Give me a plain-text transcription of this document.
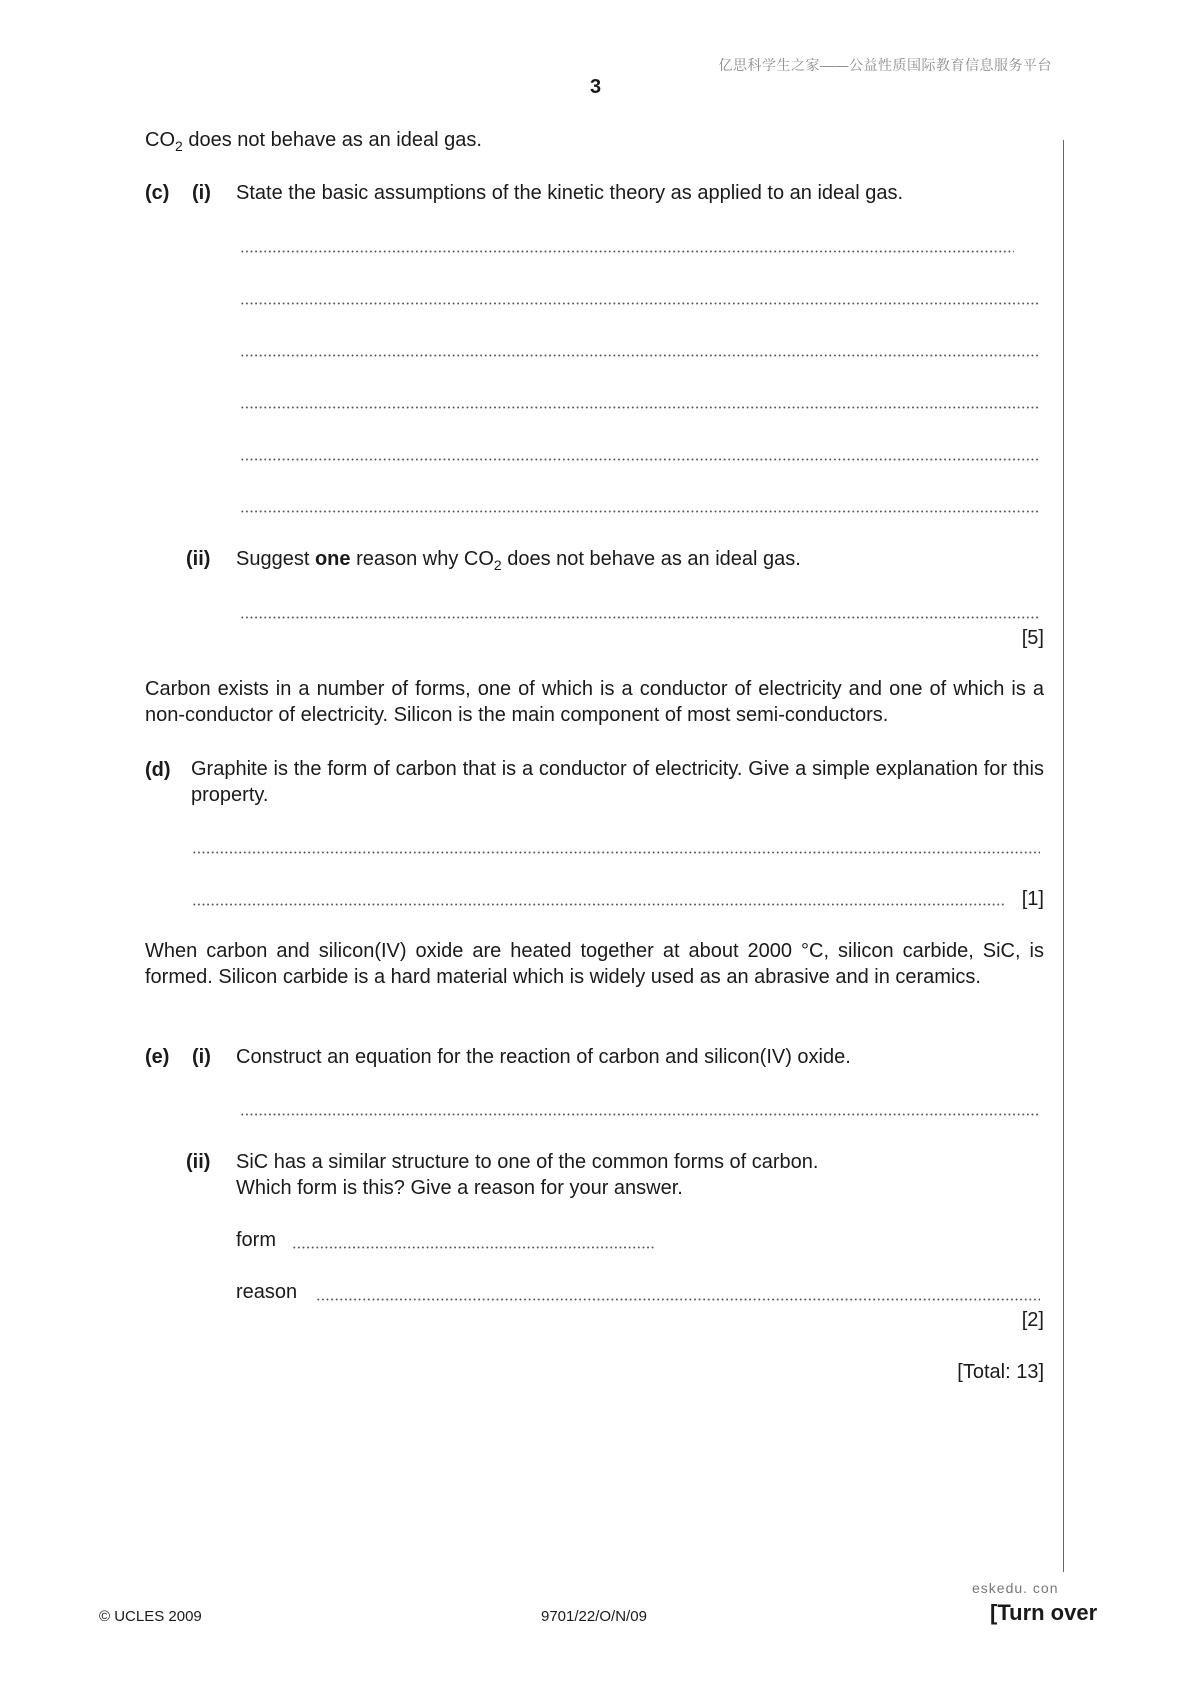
亿思科学生之家——公益性质国际教育信息服务平台
3
$CO_2$ does not behave as an ideal gas.
(c) (i) State the basic assumptions of the kinetic theory as applied to an ideal gas.
(ii) Suggest one reason why $CO_2$ does not behave as an ideal gas.
[5]
Carbon exists in a number of forms, one of which is a conductor of electricity and one of which is a non-conductor of electricity. Silicon is the main component of most semi-conductors.
(d) Graphite is the form of carbon that is a conductor of electricity. Give a simple explanation for this property.
[1]
When carbon and silicon(IV) oxide are heated together at about 2000 °C, silicon carbide, SiC, is formed. Silicon carbide is a hard material which is widely used as an abrasive and in ceramics.
(e) (i) Construct an equation for the reaction of carbon and silicon(IV) oxide.
(ii) SiC has a similar structure to one of the common forms of carbon.
Which form is this? Give a reason for your answer.
form
reason
[2]
[Total: 13]
eskedu. con
© UCLES 2009	9701/22/O/N/09	[Turn over
